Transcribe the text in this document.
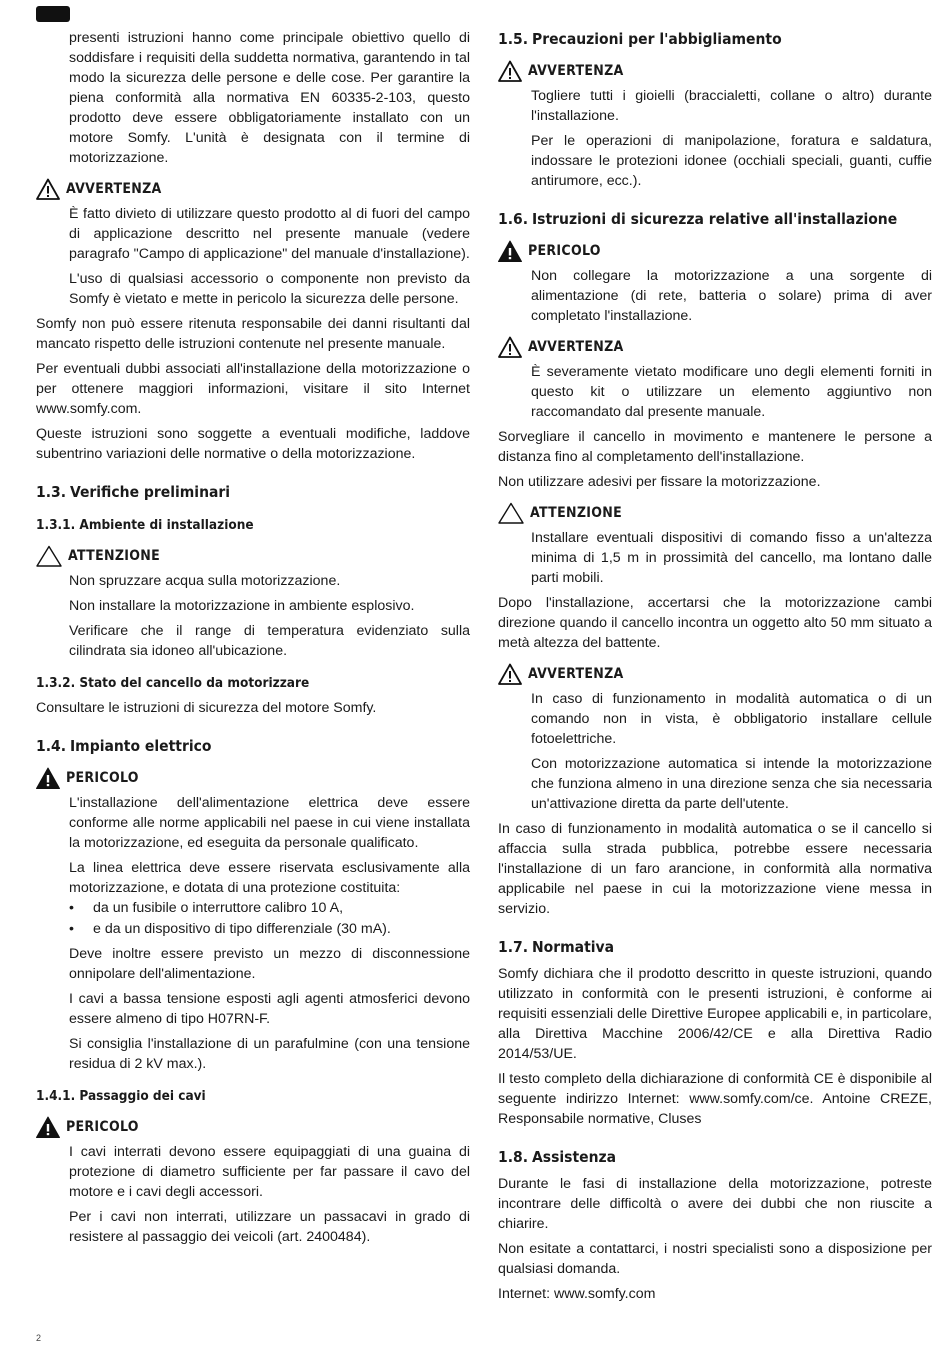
presenti istruzioni hanno come principale obiettivo quello di soddisfare i requisiti della suddetta normativa, garantendo in tal modo la sicurezza delle persone e delle cose. Per garantire la piena conformità alla normativa EN 60335-2-103, questo prodotto deve essere obbligatoriamente installato con un motore Somfy. L'unità è designata con il termine di motorizzazione.

AVVERTENZA

È fatto divieto di utilizzare questo prodotto al di fuori del campo di applicazione descritto nel presente manuale (vedere paragrafo "Campo di applicazione" del manuale d'installazione).

L'uso di qualsiasi accessorio o componente non previsto da Somfy è vietato e mette in pericolo la sicurezza delle persone.

Somfy non può essere ritenuta responsabile dei danni risultanti dal mancato rispetto delle istruzioni contenute nel presente manuale.

Per eventuali dubbi associati all'installazione della motorizzazione o per ottenere maggiori informazioni, visitare il sito Internet www.somfy.com.

Queste istruzioni sono soggette a eventuali modifiche, laddove subentrino variazioni delle normative o della motorizzazione.

1.3. Verifiche preliminari
1.3.1. Ambiente di installazione
ATTENZIONE

Non spruzzare acqua sulla motorizzazione.

Non installare la motorizzazione in ambiente esplosivo.

Verificare che il range di temperatura evidenziato sulla cilindrata sia idoneo all'ubicazione.

1.3.2. Stato del cancello da motorizzare

Consultare le istruzioni di sicurezza del motore Somfy.

1.4. Impianto elettrico
PERICOLO

L'installazione dell'alimentazione elettrica deve essere conforme alle norme applicabili nel paese in cui viene installata la motorizzazione, ed eseguita da personale qualificato.

La linea elettrica deve essere riservata esclusivamente alla motorizzazione, e dotata di una protezione costituita:

•	da un fusibile o interruttore calibro 10 A,
•	e da un dispositivo di tipo differenziale (30 mA).

Deve inoltre essere previsto un mezzo di disconnessione onnipolare dell'alimentazione.

I cavi a bassa tensione esposti agli agenti atmosferici devono essere almeno di tipo H07RN-F.

Si consiglia l'installazione di un parafulmine (con una tensione residua di 2 kV max.).

1.4.1. Passaggio dei cavi
PERICOLO

I cavi interrati devono essere equipaggiati di una guaina di protezione di diametro sufficiente per far passare il cavo del motore e i cavi degli accessori.

Per i cavi non interrati, utilizzare un passacavi in grado di resistere al passaggio dei veicoli (art. 2400484).

1.5. Precauzioni per l'abbigliamento
AVVERTENZA

Togliere tutti i gioielli (braccialetti, collane o altro) durante l'installazione.

Per le operazioni di manipolazione, foratura e saldatura, indossare le protezioni idonee (occhiali speciali, guanti, cuffie antirumore, ecc.).

1.6. Istruzioni di sicurezza relative all'installazione
PERICOLO

Non collegare la motorizzazione a una sorgente di alimentazione (di rete, batteria o solare) prima di aver completato l'installazione.

AVVERTENZA

È severamente vietato modificare uno degli elementi forniti in questo kit o utilizzare un elemento aggiuntivo non raccomandato dal presente manuale.

Sorvegliare il cancello in movimento e mantenere le persone a distanza fino al completamento dell'installazione.

Non utilizzare adesivi per fissare la motorizzazione.

ATTENZIONE

Installare eventuali dispositivi di comando fisso a un'altezza minima di 1,5 m in prossimità del cancello, ma lontano dalle parti mobili.

Dopo l'installazione, accertarsi che la motorizzazione cambi direzione quando il cancello incontra un oggetto alto 50 mm situato a metà altezza del battente.

AVVERTENZA

In caso di funzionamento in modalità automatica o di un comando non in vista, è obbligatorio installare cellule fotoelettriche.

Con motorizzazione automatica si intende la motorizzazione che funziona almeno in una direzione senza che sia necessaria un'attivazione diretta da parte dell'utente.

In caso di funzionamento in modalità automatica o se il cancello si affaccia sulla strada pubblica, potrebbe essere necessaria l'installazione di un faro arancione, in conformità alla normativa applicabile nel paese in cui la motorizzazione viene messa in servizio.

1.7. Normativa

Somfy dichiara che il prodotto descritto in queste istruzioni, quando utilizzato in conformità con le presenti istruzioni, è conforme ai requisiti essenziali delle Direttive Europee applicabili e, in particolare, alla Direttiva Macchine 2006/42/CE e alla Direttiva Radio 2014/53/UE.

Il testo completo della dichiarazione di conformità CE è disponibile al seguente indirizzo Internet: www.somfy.com/ce. Antoine CREZE, Responsabile normative, Cluses

1.8. Assistenza

Durante le fasi di installazione della motorizzazione, potreste incontrare delle difficoltà o avere dei dubbi che non riuscite a chiarire.

Non esitate a contattarci, i nostri specialisti sono a disposizione per qualsiasi domanda.

Internet: www.somfy.com

2
